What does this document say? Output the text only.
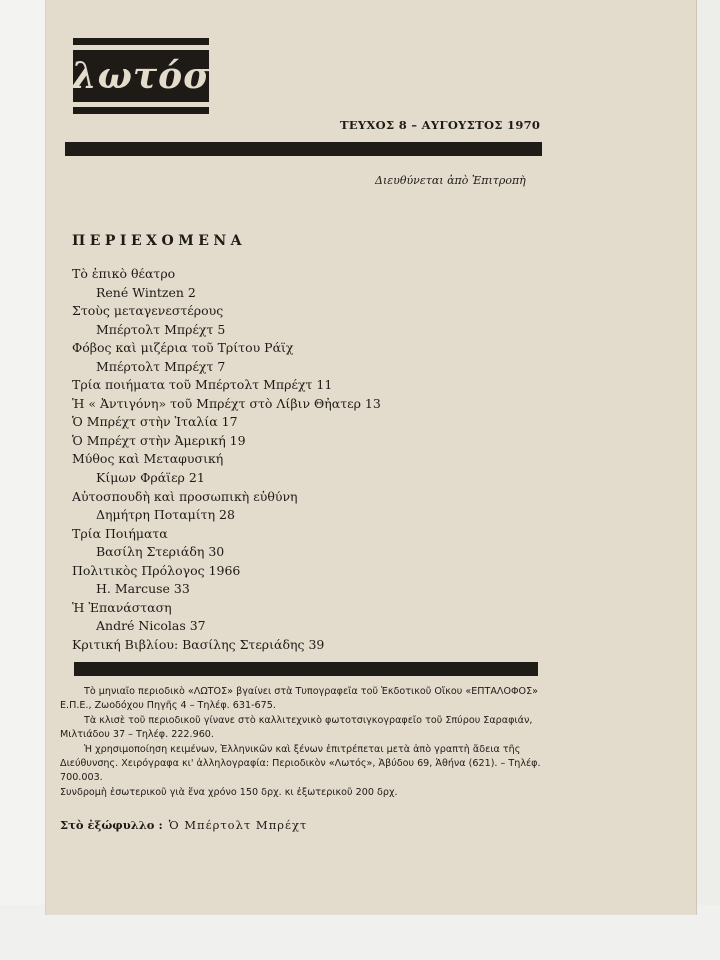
λωτόσ
ΤΕΥΧΟΣ 8 – ΑΥΓΟΥΣΤΟΣ 1970
Διευθύνεται ἀπὸ Ἐπιτροπὴ
ΠΕΡΙΕΧΟΜΕΝΑ
Τὸ ἐπικὸ θέατρο
René Wintzen 2
Στοὺς μεταγενεστέρους
Μπέρτολτ Μπρέχτ 5
Φόβος καὶ μιζέρια τοῦ Τρίτου Ράϊχ
Μπέρτολτ Μπρέχτ 7
Τρία ποιήματα τοῦ Μπέρτολτ Μπρέχτ 11
Ἡ « Ἀντιγόνη» τοῦ Μπρέχτ στὸ Λίβιν Θἠατερ 13
Ὁ Μπρέχτ στὴν Ἰταλία 17
Ὁ Μπρέχτ στὴν Ἀμερική 19
Μύθος καὶ Μεταφυσική
Κίμων Φράϊερ 21
Αὐτοσπουδὴ καὶ προσωπικὴ εὐθύνη
Δημήτρη Ποταμίτη 28
Τρία Ποιήματα
Βασίλη Στεριάδη 30
Πολιτικὸς Πρόλογος 1966
H. Marcuse 33
Ἡ Ἐπανάσταση
André Nicolas 37
Κριτική Βιβλίου: Βασίλης Στεριάδης 39

Τὸ μηνιαῖο περιοδικὸ «ΛΩΤΟΣ» βγαίνει στὰ Τυπογραφεῖα τοῦ Ἐκδοτικοῦ Οἴκου «ΕΠΤΑΛΟΦΟΣ» Ε.Π.Ε., Ζωοδόχου Πηγῆς 4 – Τηλέφ. 631-675.

Τὰ κλισὲ τοῦ περιοδικοῦ γίνανε στὸ καλλιτεχνικὸ φωτοτσιγκογραφεῖο τοῦ Σπύρου Σαραφιάν, Μιλτιάδου 37 – Τηλέφ. 222.960.

Ἡ χρησιμοποίηση κειμένων, Ἑλληνικῶν καὶ ξένων ἐπιτρέπεται μετὰ ἀπὸ γραπτὴ ἄδεια τῆς Διεύθυνσης. Χειρόγραφα κι' ἀλληλογραφία: Περιοδικὸν «Λωτός», Ἀβύδου 69, Ἀθήνα (621). – Τηλέφ. 700.003.

Συνδρομὴ ἐσωτερικοῦ γιὰ ἕνα χρόνο 150 δρχ. κι ἐξωτερικοῦ 200 δρχ.

Στὸ ἐξώφυλλο : Ὁ Μπέρτολτ Μπρέχτ
